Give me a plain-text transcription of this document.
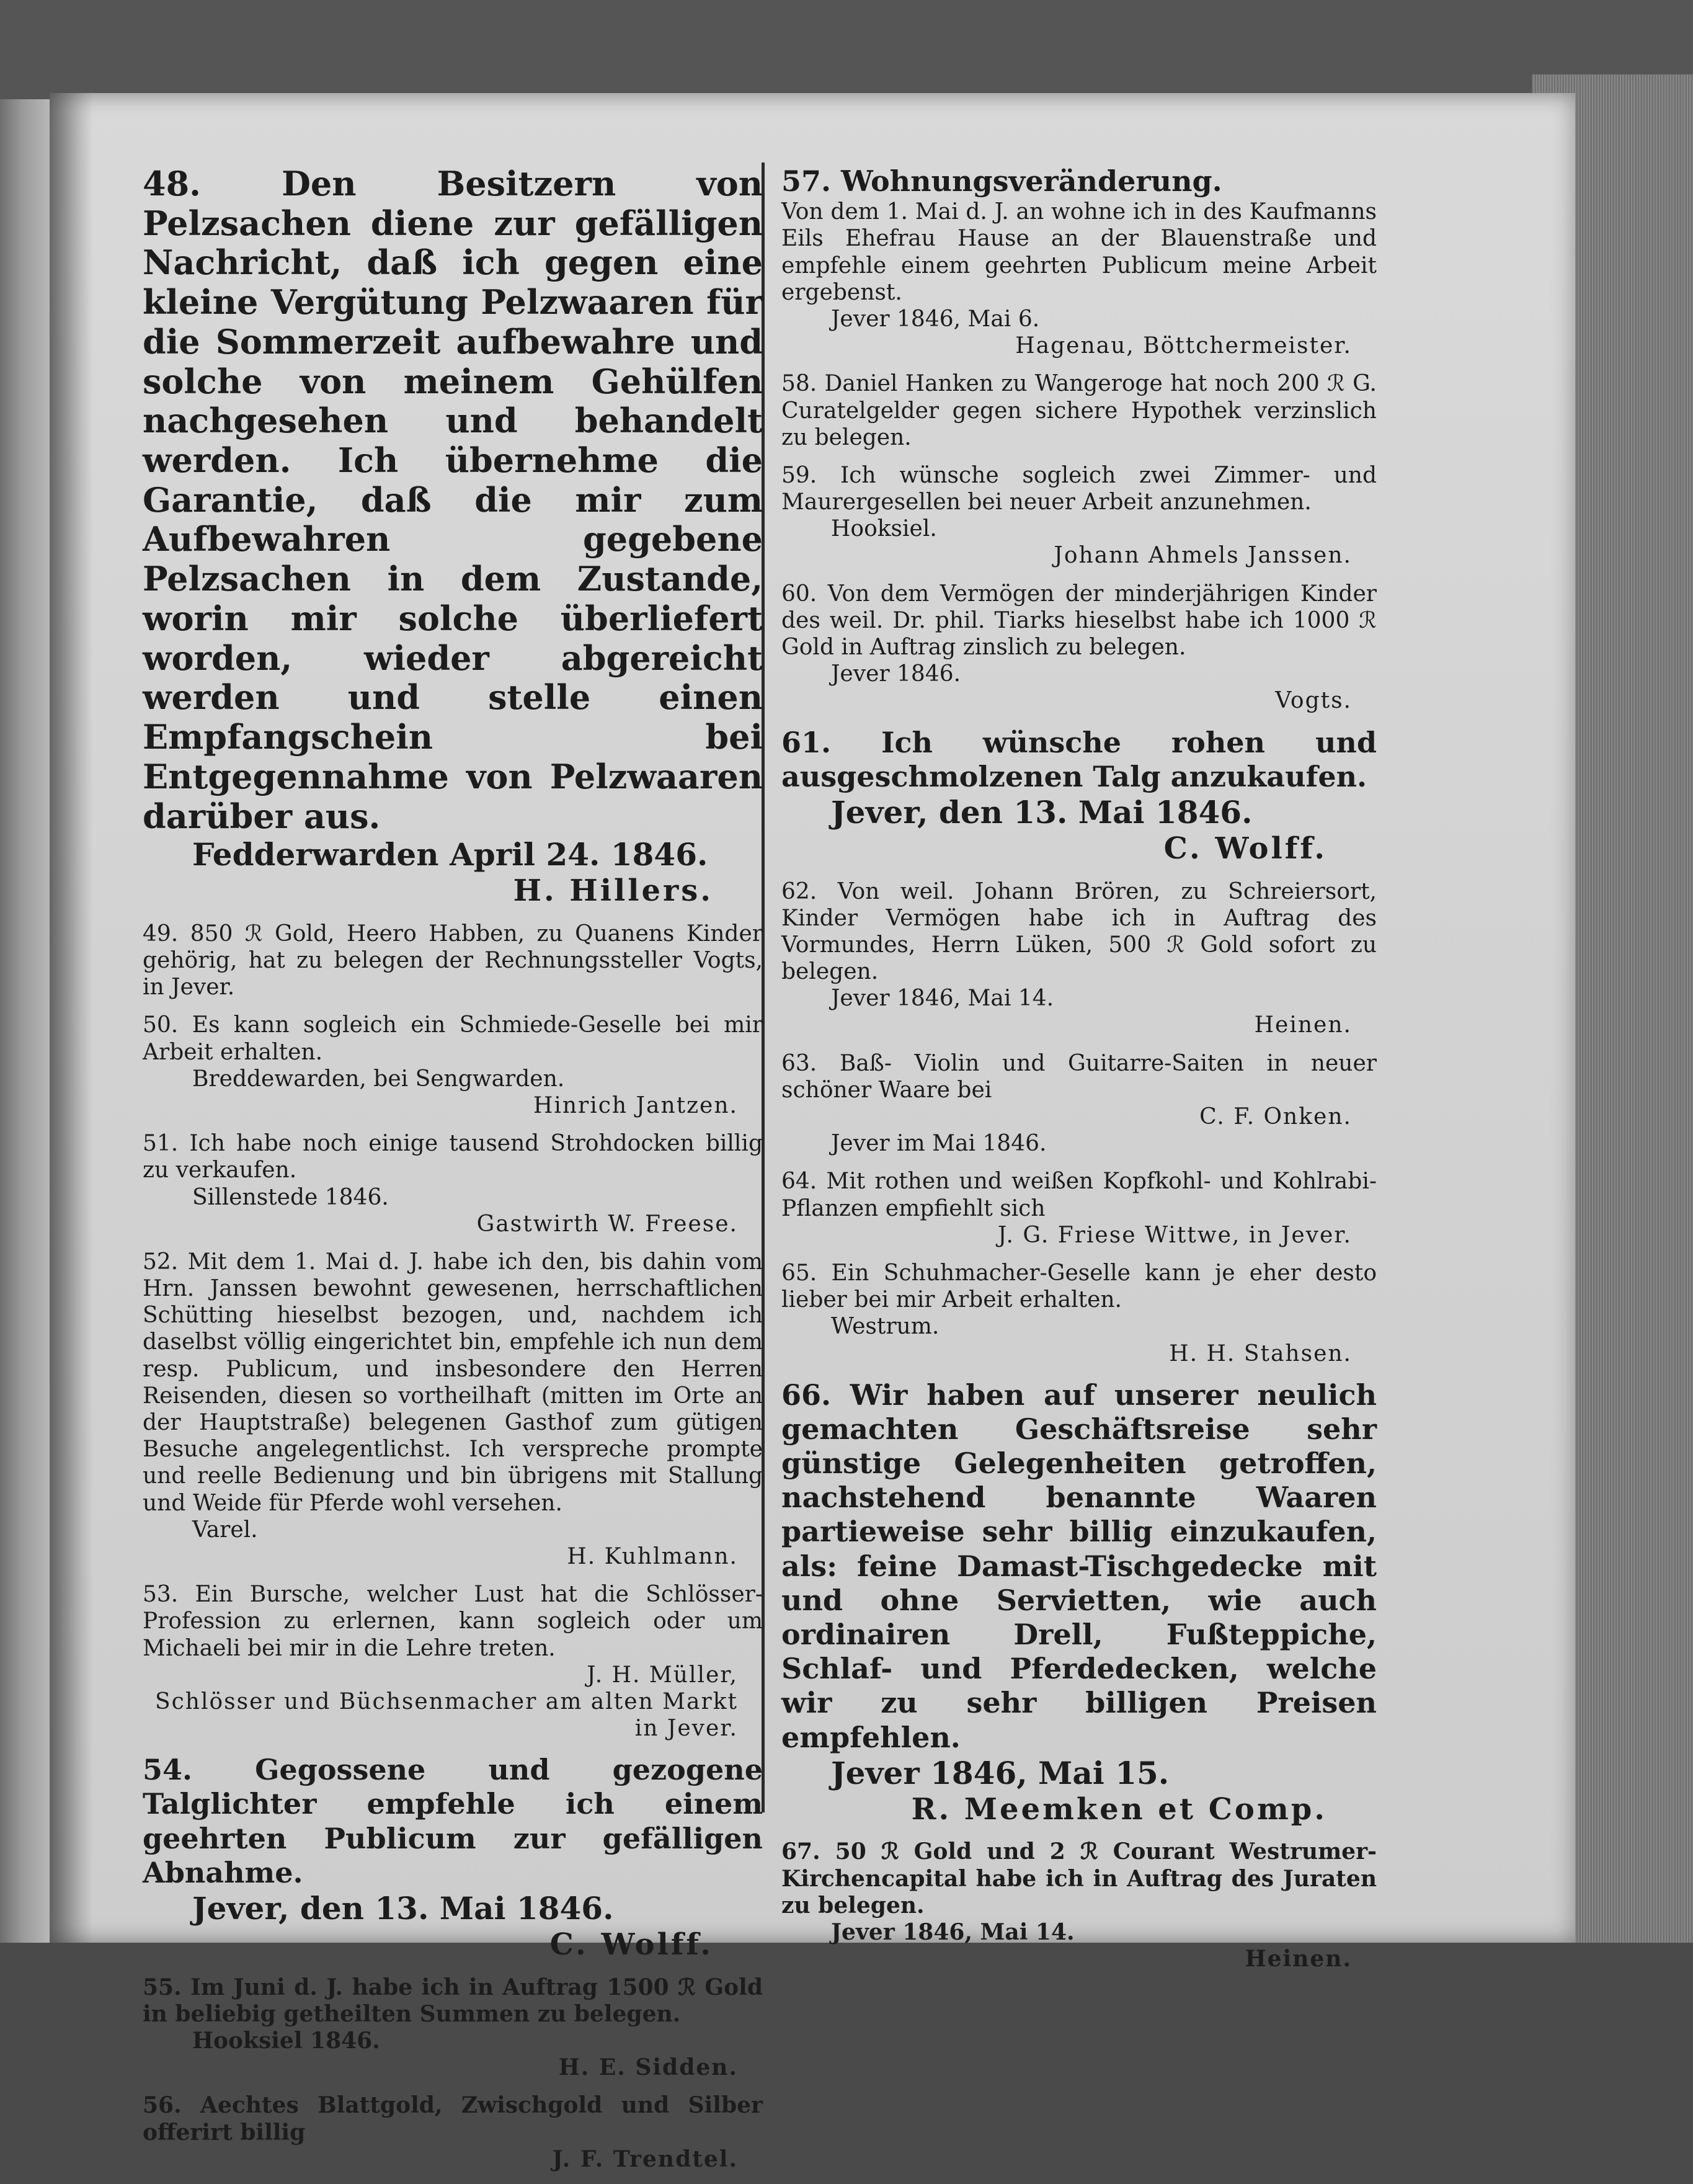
48. Den Besitzern von Pelzsachen diene zur gefälligen Nachricht, daß ich gegen eine kleine Vergütung Pelzwaaren für die Sommerzeit aufbewahre und solche von meinem Gehülfen nachgesehen und behandelt werden. Ich übernehme die Garantie, daß die mir zum Aufbewahren gegebene Pelzsachen in dem Zustande, worin mir solche überliefert worden, wieder abgereicht werden und stelle einen Empfangschein bei Entgegennahme von Pelzwaaren darüber aus.

Fedderwarden April 24. 1846.

H. Hillers.

49. 850 ℛ Gold, Heero Habben, zu Quanens Kinder gehörig, hat zu belegen der Rechnungssteller Vogts, in Jever.

50. Es kann sogleich ein Schmiede-Geselle bei mir Arbeit erhalten.

Breddewarden, bei Sengwarden.

Hinrich Jantzen.

51. Ich habe noch einige tausend Strohdocken billig zu verkaufen.

Sillenstede 1846.

Gastwirth W. Freese.

52. Mit dem 1. Mai d. J. habe ich den, bis dahin vom Hrn. Janssen bewohnt gewesenen, herrschaftlichen Schütting hieselbst bezogen, und, nachdem ich daselbst völlig eingerichtet bin, empfehle ich nun dem resp. Publicum, und insbesondere den Herren Reisenden, diesen so vortheilhaft (mitten im Orte an der Hauptstraße) belegenen Gasthof zum gütigen Besuche angelegentlichst. Ich verspreche prompte und reelle Bedienung und bin übrigens mit Stallung und Weide für Pferde wohl versehen.

Varel.

H. Kuhlmann.

53. Ein Bursche, welcher Lust hat die Schlösser-Profession zu erlernen, kann sogleich oder um Michaeli bei mir in die Lehre treten.

J. H. Müller,

Schlösser und Büchsenmacher am alten Markt in Jever.

54. Gegossene und gezogene Talglichter empfehle ich einem geehrten Publicum zur gefälligen Abnahme.

Jever, den 13. Mai 1846.

C. Wolff.

55. Im Juni d. J. habe ich in Auftrag 1500 ℛ Gold in beliebig getheilten Summen zu belegen.

Hooksiel 1846.

H. E. Sidden.

56. Aechtes Blattgold, Zwischgold und Silber offerirt billig

J. F. Trendtel.

57. Wohnungsveränderung.

Von dem 1. Mai d. J. an wohne ich in des Kaufmanns Eils Ehefrau Hause an der Blauenstraße und empfehle einem geehrten Publicum meine Arbeit ergebenst.

Jever 1846, Mai 6.

Hagenau, Böttchermeister.

58. Daniel Hanken zu Wangeroge hat noch 200 ℛ G. Curatelgelder gegen sichere Hypothek verzinslich zu belegen.

59. Ich wünsche sogleich zwei Zimmer- und Maurergesellen bei neuer Arbeit anzunehmen.

Hooksiel.

Johann Ahmels Janssen.

60. Von dem Vermögen der minderjährigen Kinder des weil. Dr. phil. Tiarks hieselbst habe ich 1000 ℛ Gold in Auftrag zinslich zu belegen.

Jever 1846.

Vogts.

61. Ich wünsche rohen und ausgeschmolzenen Talg anzukaufen.

Jever, den 13. Mai 1846.

C. Wolff.

62. Von weil. Johann Brören, zu Schreiersort, Kinder Vermögen habe ich in Auftrag des Vormundes, Herrn Lüken, 500 ℛ Gold sofort zu belegen.

Jever 1846, Mai 14.

Heinen.

63. Baß- Violin und Guitarre-Saiten in neuer schöner Waare bei

C. F. Onken.

Jever im Mai 1846.

64. Mit rothen und weißen Kopfkohl- und Kohlrabi-Pflanzen empfiehlt sich

J. G. Friese Wittwe, in Jever.

65. Ein Schuhmacher-Geselle kann je eher desto lieber bei mir Arbeit erhalten.

Westrum.

H. H. Stahsen.

66. Wir haben auf unserer neulich gemachten Geschäftsreise sehr günstige Gelegenheiten getroffen, nachstehend benannte Waaren partieweise sehr billig einzukaufen, als: feine Damast-Tischgedecke mit und ohne Servietten, wie auch ordinairen Drell, Fußteppiche, Schlaf- und Pferdedecken, welche wir zu sehr billigen Preisen empfehlen.

Jever 1846, Mai 15.

R. Meemken et Comp.

67. 50 ℛ Gold und 2 ℛ Courant Westrumer-Kirchencapital habe ich in Auftrag des Juraten zu belegen.

Jever 1846, Mai 14.

Heinen.
